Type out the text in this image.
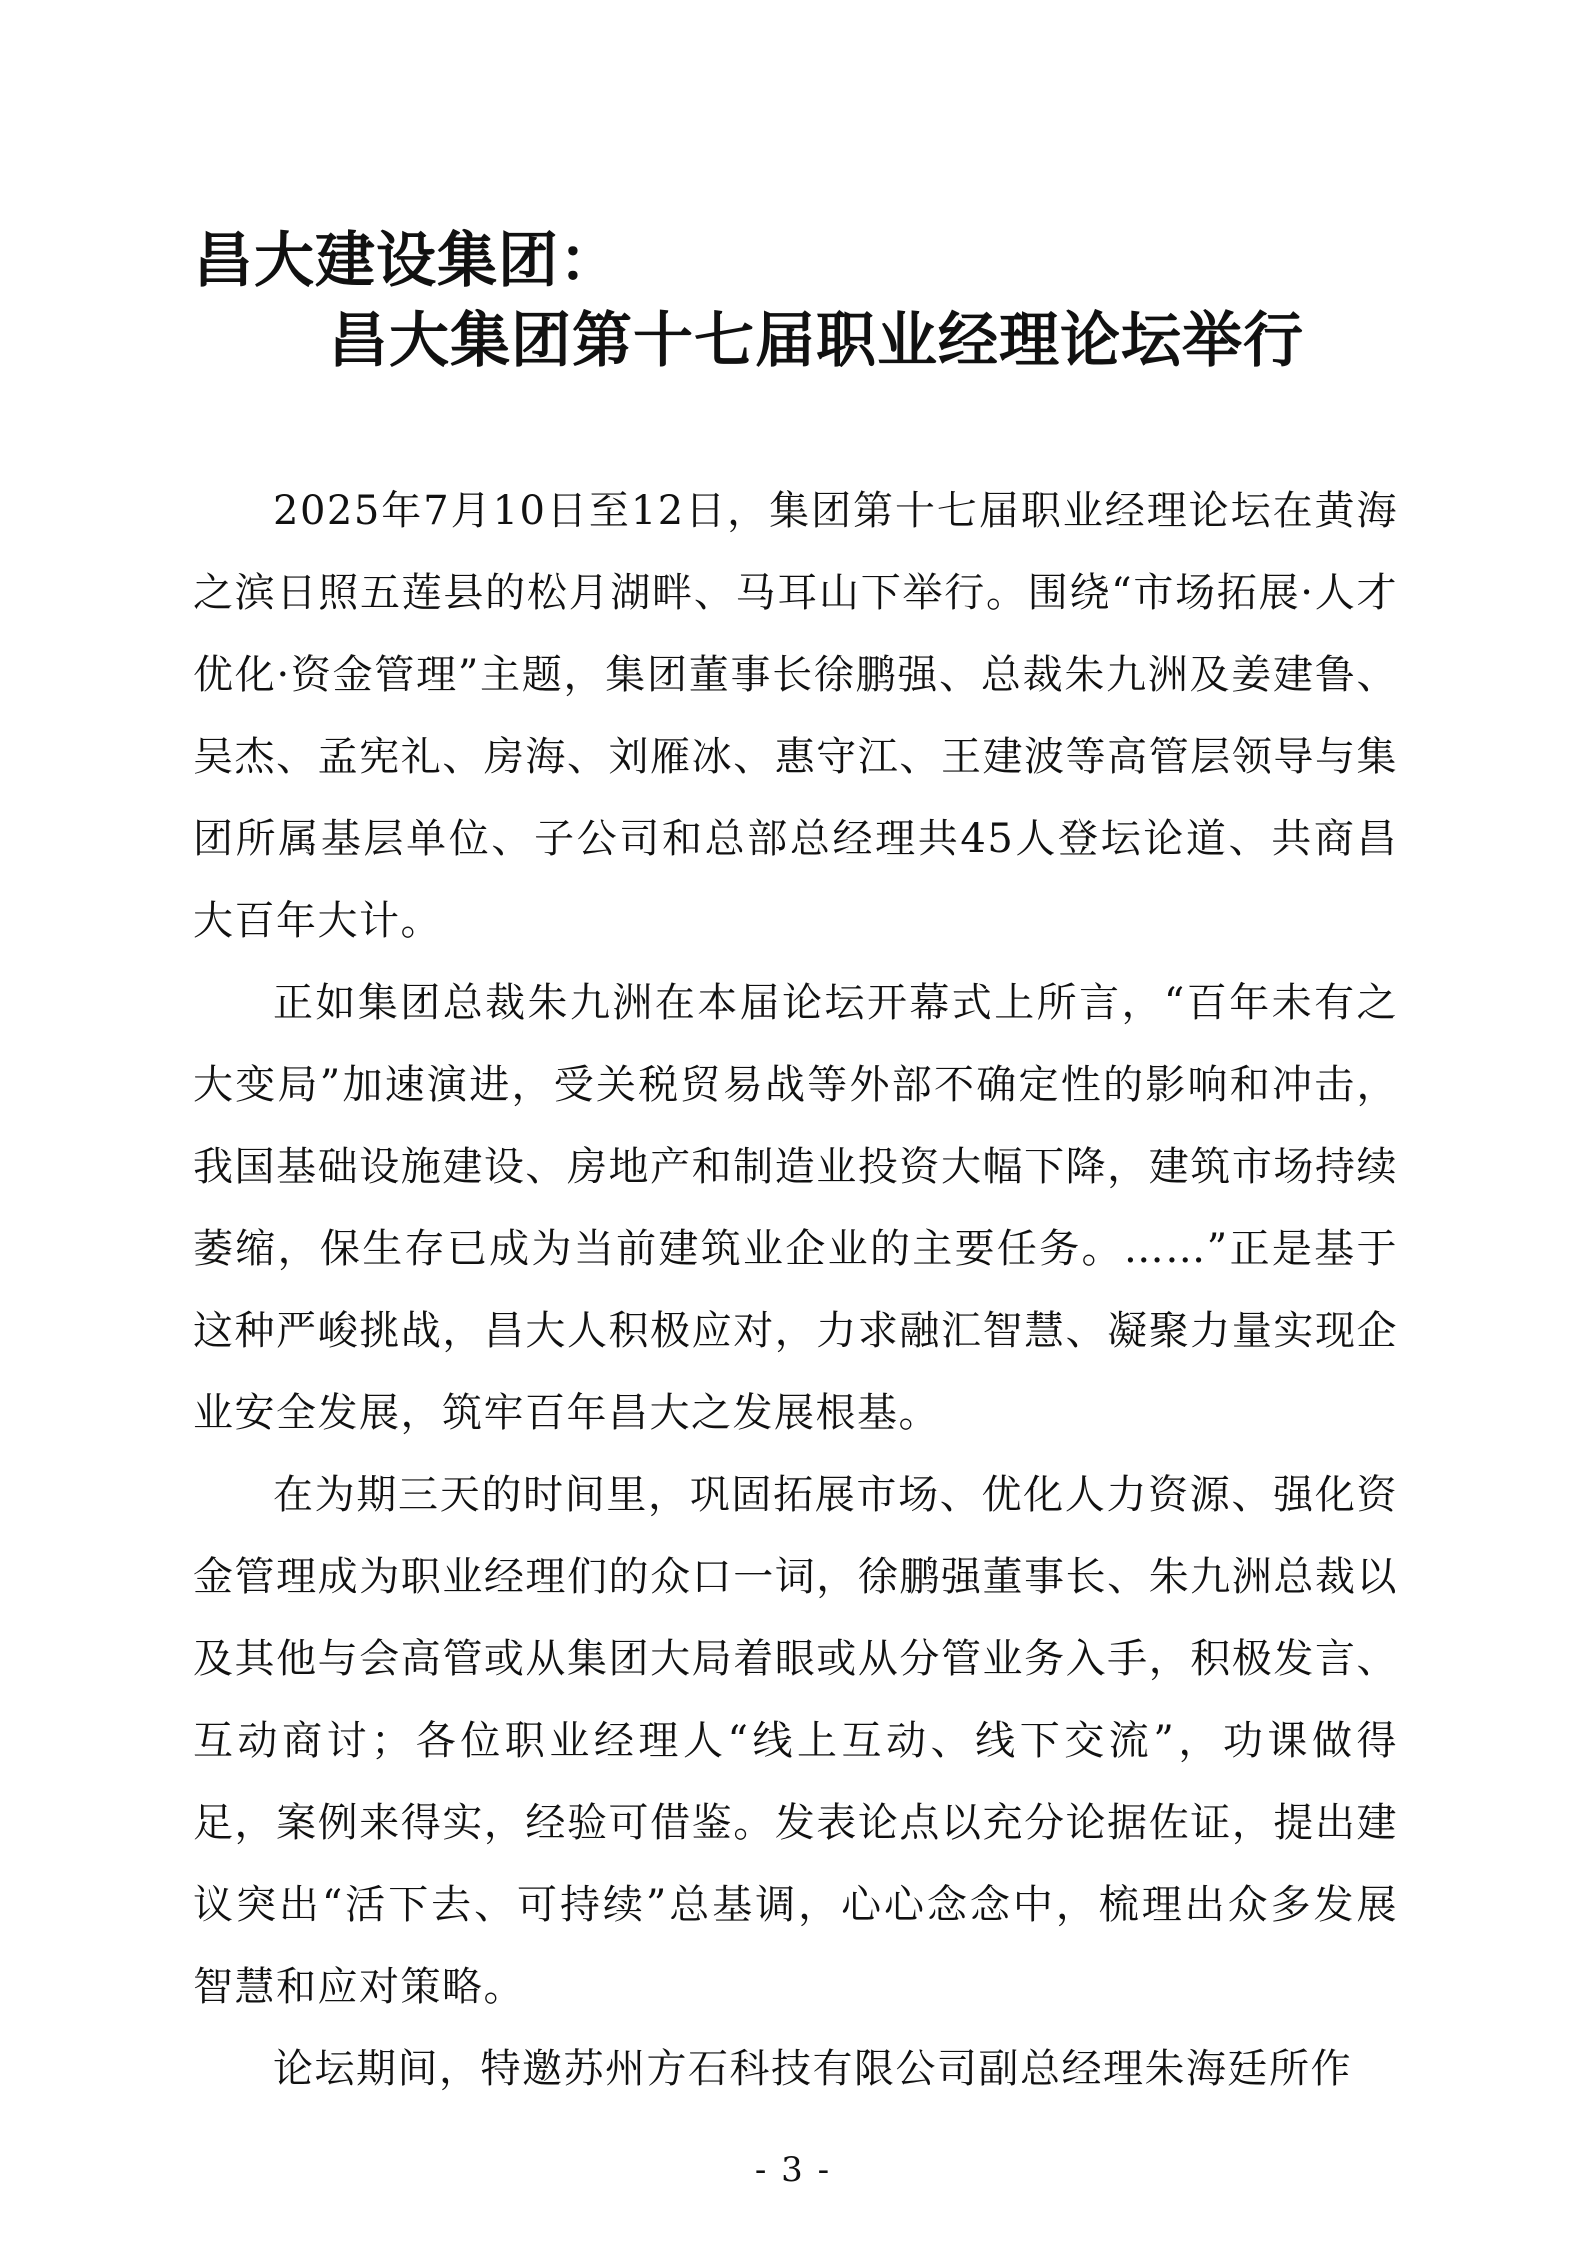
昌大建设集团：
昌大集团第十七届职业经理论坛举行

2025年7月10日至12日，集团第十七届职业经理论坛在黄海之滨日照五莲县的松月湖畔、马耳山下举行。围绕“市场拓展·人才优化·资金管理”主题，集团董事长徐鹏强、总裁朱九洲及姜建鲁、吴杰、孟宪礼、房海、刘雁冰、惠守江、王建波等高管层领导与集团所属基层单位、子公司和总部总经理共45人登坛论道、共商昌大百年大计。

正如集团总裁朱九洲在本届论坛开幕式上所言，“百年未有之大变局”加速演进，受关税贸易战等外部不确定性的影响和冲击，我国基础设施建设、房地产和制造业投资大幅下降，建筑市场持续萎缩，保生存已成为当前建筑业企业的主要任务。……”正是基于这种严峻挑战，昌大人积极应对，力求融汇智慧、凝聚力量实现企业安全发展，筑牢百年昌大之发展根基。

在为期三天的时间里，巩固拓展市场、优化人力资源、强化资金管理成为职业经理们的众口一词，徐鹏强董事长、朱九洲总裁以及其他与会高管或从集团大局着眼或从分管业务入手，积极发言、互动商讨；各位职业经理人“线上互动、线下交流”，功课做得足，案例来得实，经验可借鉴。发表论点以充分论据佐证，提出建议突出“活下去、可持续”总基调，心心念念中，梳理出众多发展智慧和应对策略。

论坛期间，特邀苏州方石科技有限公司副总经理朱海廷所作

- 3 -
